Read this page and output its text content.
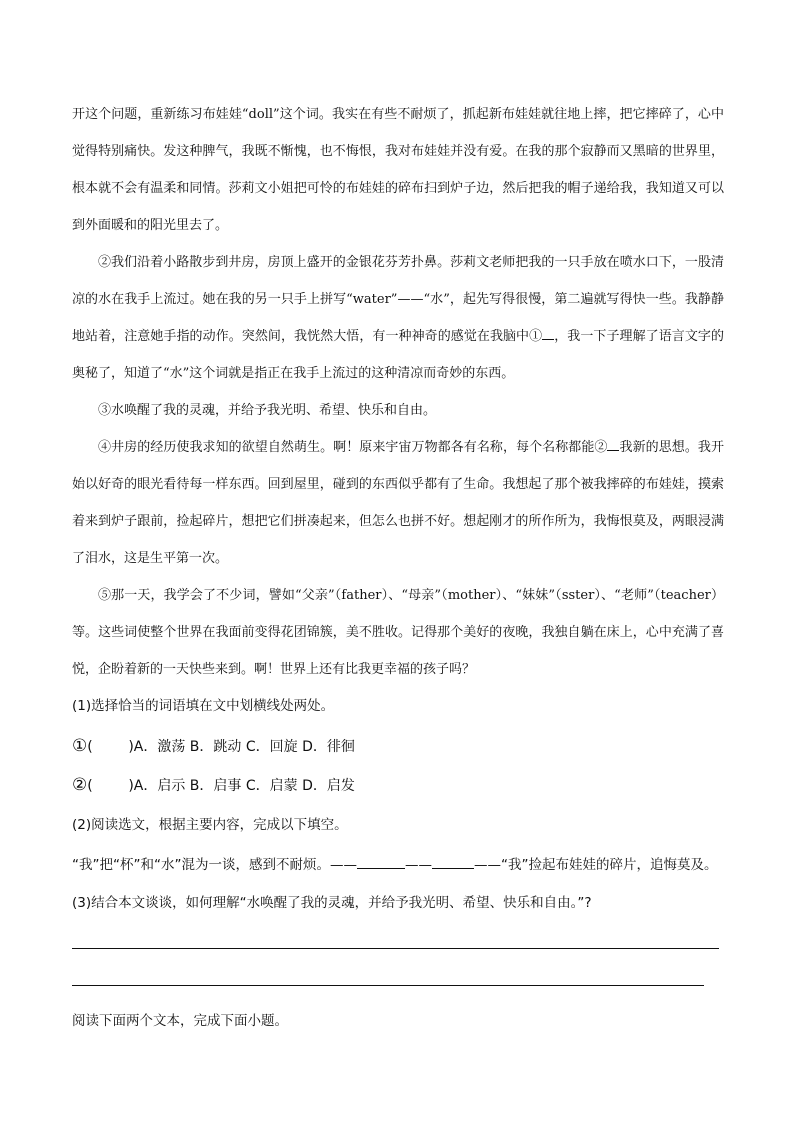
开这个问题，重新练习布娃娃“doll”这个词。我实在有些不耐烦了，抓起新布娃娃就往地上摔，把它摔碎了，心中觉得特别痛快。发这种脾气，我既不惭愧，也不悔恨，我对布娃娃并没有爱。在我的那个寂静而又黑暗的世界里，根本就不会有温柔和同情。莎莉文小姐把可怜的布娃娃的碎布扫到炉子边，然后把我的帽子递给我，我知道又可以到外面暖和的阳光里去了。

②我们沿着小路散步到井房，房顶上盛开的金银花芬芳扑鼻。莎莉文老师把我的一只手放在喷水口下，一股清凉的水在我手上流过。她在我的另一只手上拼写“water”——“水”，起先写得很慢，第二遍就写得快一些。我静静地站着，注意她手指的动作。突然间，我恍然大悟，有一种神奇的感觉在我脑中① ，我一下子理解了语言文字的奥秘了，知道了“水”这个词就是指正在我手上流过的这种清凉而奇妙的东西。

③水唤醒了我的灵魂，并给予我光明、希望、快乐和自由。

④井房的经历使我求知的欲望自然萌生。啊！原来宇宙万物都各有名称，每个名称都能② 我新的思想。我开始以好奇的眼光看待每一样东西。回到屋里，碰到的东西似乎都有了生命。我想起了那个被我摔碎的布娃娃，摸索着来到炉子跟前，捡起碎片，想把它们拼凑起来，但怎么也拼不好。想起刚才的所作所为，我悔恨莫及，两眼浸满了泪水，这是生平第一次。

⑤那一天，我学会了不少词，譬如“父亲”（father）、“母亲”（mother）、“妹妹”（sster）、“老师”（teacher）等。这些词使整个世界在我面前变得花团锦簇，美不胜收。记得那个美好的夜晚，我独自躺在床上，心中充满了喜悦，企盼着新的一天快些来到。啊！世界上还有比我更幸福的孩子吗？

(1)选择恰当的词语填在文中划横线处两处。

①(        )A．激荡 B．跳动 C．回旋 D．徘徊

②(        )A．启示 B．启事 C．启蒙 D．启发

(2)阅读选文，根据主要内容，完成以下填空。

“我”把“杯”和“水”混为一谈，感到不耐烦。——	——	——“我”捡起布娃娃的碎片，追悔莫及。

(3)结合本文谈谈，如何理解“水唤醒了我的灵魂，并给予我光明、希望、快乐和自由。”?

阅读下面两个文本，完成下面小题。
